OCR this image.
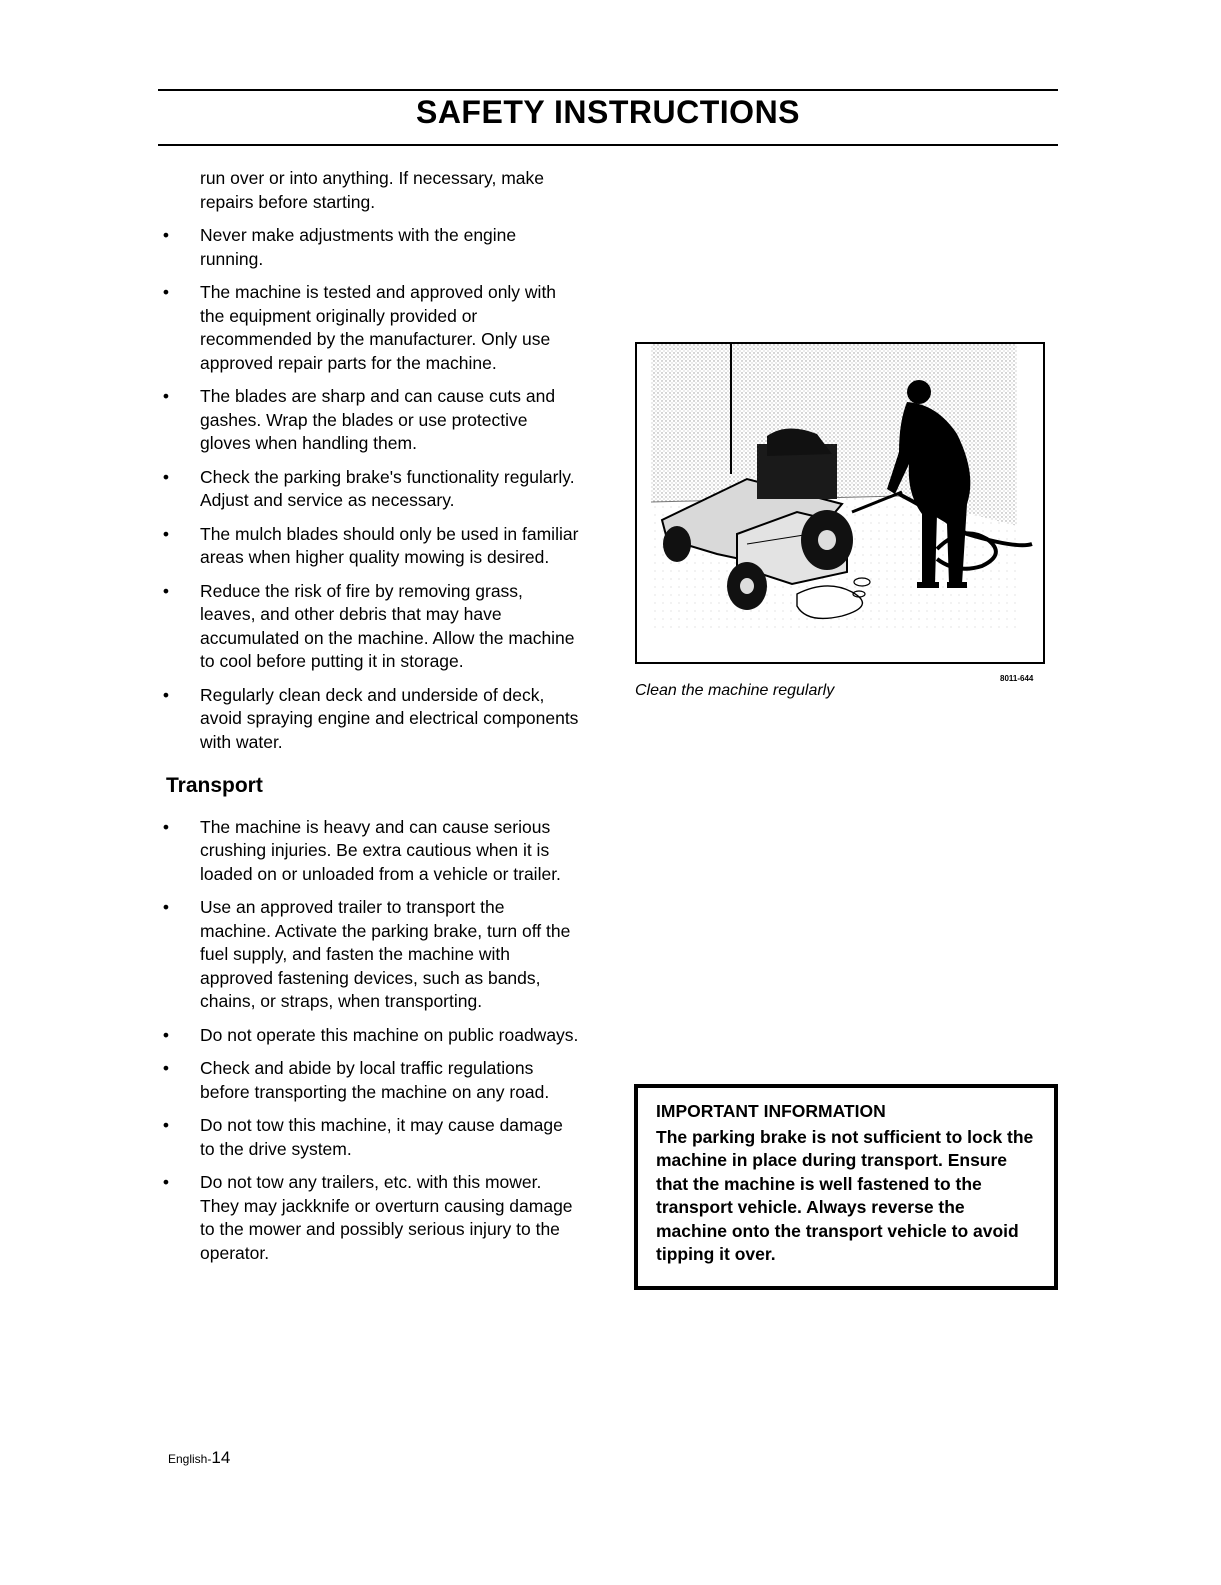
SAFETY INSTRUCTIONS

run over or into anything. If necessary, make repairs before starting.

• Never make adjustments with the engine running.
• The machine is tested and approved only with the equipment originally provided or recommended by the manufacturer. Only use approved repair parts for the machine.
• The blades are sharp and can cause cuts and gashes. Wrap the blades or use protective gloves when handling them.
• Check the parking brake's functionality regularly. Adjust and service as necessary.
• The mulch blades should only be used in familiar areas when higher quality mowing is desired.
• Reduce the risk of fire by removing grass, leaves, and other debris that may have accumulated on the machine. Allow the machine to cool before putting it in storage.
• Regularly clean deck and underside of deck, avoid spraying engine and electrical components with water.
Transport
• The machine is heavy and can cause serious crushing injuries. Be extra cautious when it is loaded on or unloaded from a vehicle or trailer.
• Use an approved trailer to transport the machine. Activate the parking brake, turn off the fuel supply, and fasten the machine with approved fastening devices, such as bands, chains, or straps, when transporting.
• Do not operate this machine on public roadways.
• Check and abide by local traffic regulations before transporting the machine on any road.
• Do not tow this machine, it may cause damage to the drive system.
• Do not tow any trailers, etc. with this mower. They may jackknife or overturn causing damage to the mower and possibly serious injury to the operator.
8011-644
Clean the machine regularly
IMPORTANT INFORMATION
The parking brake is not sufficient to lock the machine in place during transport. Ensure that the machine is well fastened to the transport vehicle. Always reverse the machine onto the transport vehicle to avoid tipping it over.
English-14
